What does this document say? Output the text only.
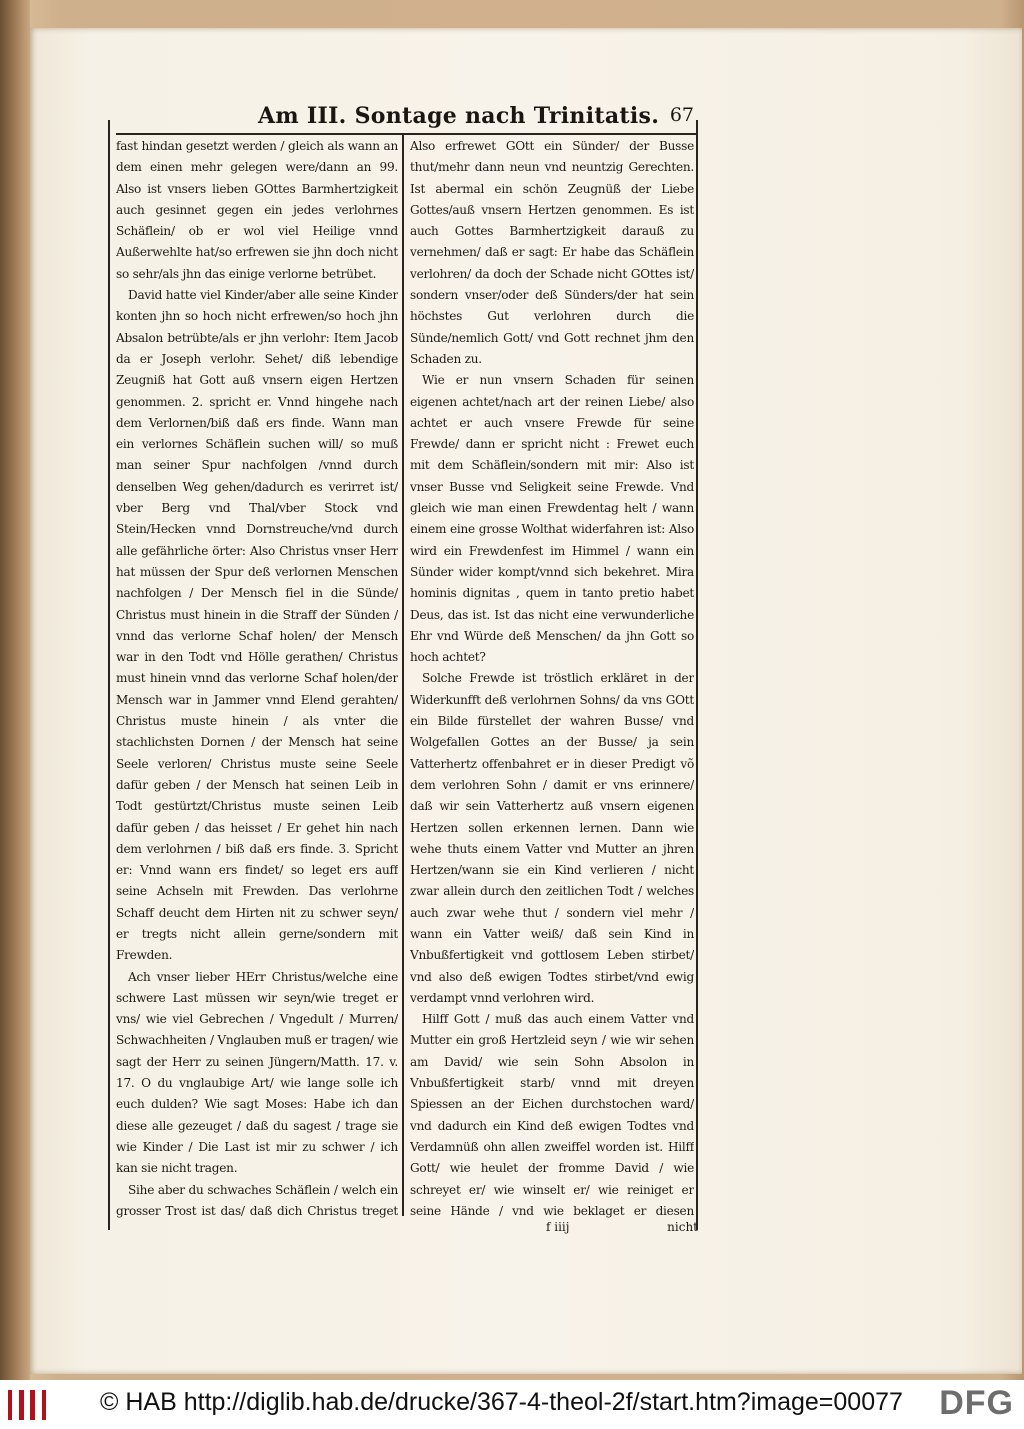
Am III. Sontage nach Trinitatis. 67

fast hindan gesetzt werden / gleich als wann an dem einen mehr gelegen were/dann an 99. Also ist vnsers lieben GOttes Barmhertzigkeit auch gesinnet gegen ein jedes verlohrnes Schäflein/ ob er wol viel Heilige vnnd Außerwehlte hat/so erfrewen sie jhn doch nicht so sehr/als jhn das einige verlorne betrübet.

David hatte viel Kinder/aber alle seine Kinder konten jhn so hoch nicht erfrewen/so hoch jhn Absalon betrübte/als er jhn verlohr: Item Jacob da er Joseph verlohr. Sehet/ diß lebendige Zeugniß hat Gott auß vnsern eigen Hertzen genommen. 2. spricht er. Vnnd hingehe nach dem Verlornen/biß daß ers finde. Wann man ein verlornes Schäflein suchen will/ so muß man seiner Spur nachfolgen /vnnd durch denselben Weg gehen/dadurch es verirret ist/ vber Berg vnd Thal/vber Stock vnd Stein/Hecken vnnd Dornstreuche/vnd durch alle gefährliche örter: Also Christus vnser Herr hat müssen der Spur deß verlornen Menschen nachfolgen / Der Mensch fiel in die Sünde/ Christus must hinein in die Straff der Sünden / vnnd das verlorne Schaf holen/ der Mensch war in den Todt vnd Hölle gerathen/ Christus must hinein vnnd das verlorne Schaf holen/der Mensch war in Jammer vnnd Elend gerahten/ Christus muste hinein / als vnter die stachlichsten Dornen / der Mensch hat seine Seele verloren/ Christus muste seine Seele dafür geben / der Mensch hat seinen Leib in Todt gestürtzt/Christus muste seinen Leib dafür geben / das heisset / Er gehet hin nach dem verlohrnen / biß daß ers finde. 3. Spricht er: Vnnd wann ers findet/ so leget ers auff seine Achseln mit Frewden. Das verlohrne Schaff deucht dem Hirten nit zu schwer seyn/ er tregts nicht allein gerne/sondern mit Frewden.

Ach vnser lieber HErr Christus/welche eine schwere Last müssen wir seyn/wie treget er vns/ wie viel Gebrechen / Vngedult / Murren/ Schwachheiten / Vnglauben muß er tragen/ wie sagt der Herr zu seinen Jüngern/Matth. 17. v. 17. O du vnglaubige Art/ wie lange solle ich euch dulden? Wie sagt Moses: Habe ich dan diese alle gezeuget / daß du sagest / trage sie wie Kinder / Die Last ist mir zu schwer / ich kan sie nicht tragen.

Sihe aber du schwaches Schäflein / welch ein grosser Trost ist das/ daß dich Christus treget

Also erfrewet GOtt ein Sünder/ der Busse thut/mehr dann neun vnd neuntzig Gerechten. Ist abermal ein schön Zeugnüß der Liebe Gottes/auß vnsern Hertzen genommen. Es ist auch Gottes Barmhertzigkeit darauß zu vernehmen/ daß er sagt: Er habe das Schäflein verlohren/ da doch der Schade nicht GOttes ist/ sondern vnser/oder deß Sünders/der hat sein höchstes Gut verlohren durch die Sünde/nemlich Gott/ vnd Gott rechnet jhm den Schaden zu.

Wie er nun vnsern Schaden für seinen eigenen achtet/nach art der reinen Liebe/ also achtet er auch vnsere Frewde für seine Frewde/ dann er spricht nicht : Frewet euch mit dem Schäflein/sondern mit mir: Also ist vnser Busse vnd Seligkeit seine Frewde. Vnd gleich wie man einen Frewdentag helt / wann einem eine grosse Wolthat widerfahren ist: Also wird ein Frewdenfest im Himmel / wann ein Sünder wider kompt/vnnd sich bekehret. Mira hominis dignitas , quem in tanto pretio habet Deus, das ist. Ist das nicht eine verwunderliche Ehr vnd Würde deß Menschen/ da jhn Gott so hoch achtet?

Solche Frewde ist tröstlich erkläret in der Widerkunfft deß verlohrnen Sohns/ da vns GOtt ein Bilde fürstellet der wahren Busse/ vnd Wolgefallen Gottes an der Busse/ ja sein Vatterhertz offenbahret er in dieser Predigt võ dem verlohren Sohn / damit er vns erinnere/ daß wir sein Vatterhertz auß vnsern eigenen Hertzen sollen erkennen lernen. Dann wie wehe thuts einem Vatter vnd Mutter an jhren Hertzen/wann sie ein Kind verlieren / nicht zwar allein durch den zeitlichen Todt / welches auch zwar wehe thut / sondern viel mehr / wann ein Vatter weiß/ daß sein Kind in Vnbußfertigkeit vnd gottlosem Leben stirbet/ vnd also deß ewigen Todtes stirbet/vnd ewig verdampt vnnd verlohren wird.

Hilff Gott / muß das auch einem Vatter vnd Mutter ein groß Hertzleid seyn / wie wir sehen am David/ wie sein Sohn Absolon in Vnbußfertigkeit starb/ vnnd mit dreyen Spiessen an der Eichen durchstochen ward/ vnd dadurch ein Kind deß ewigen Todtes vnd Verdamnüß ohn allen zweiffel worden ist. Hilff Gott/ wie heulet der fromme David / wie schreyet er/ wie winselt er/ wie reiniget er seine Hände / vnd wie beklaget er diesen

f iiij	nicht
© HAB http://diglib.hab.de/drucke/367-4-theol-2f/start.htm?image=00077 DFG
